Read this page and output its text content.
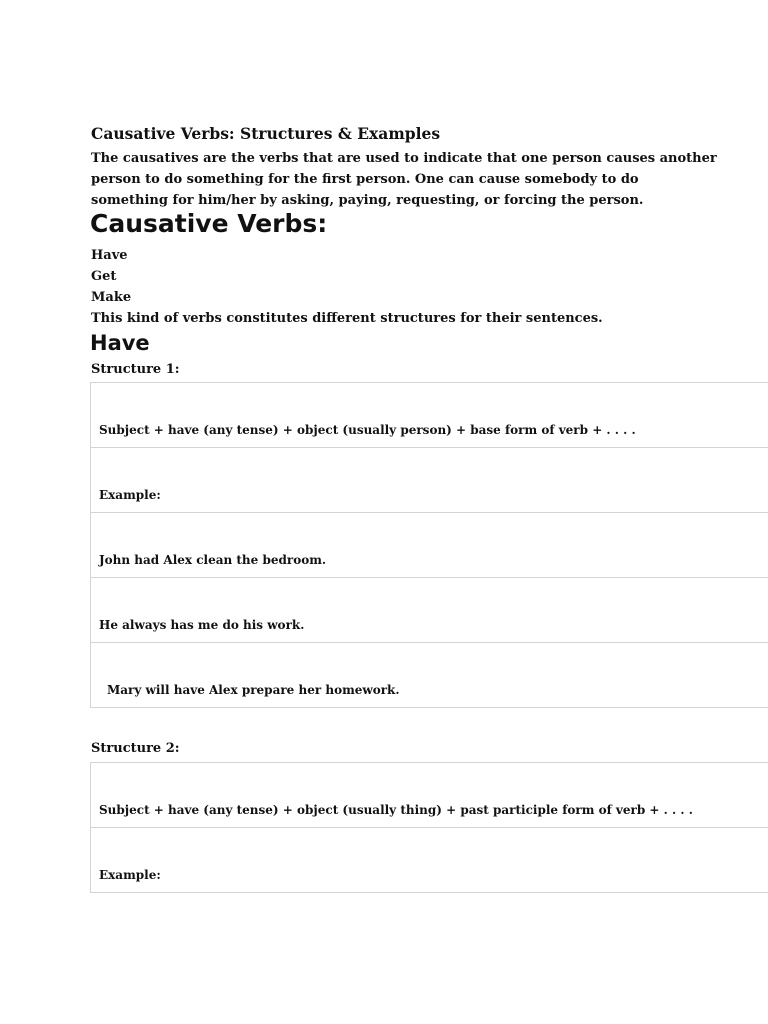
Causative Verbs: Structures & Examples
The causatives are the verbs that are used to indicate that one person causes another
person to do something for the first person. One can cause somebody to do
something for him/her by asking, paying, requesting, or forcing the person.
Causative Verbs:
Have
Get
Make
This kind of verbs constitutes different structures for their sentences.
Have
Structure 1:
Subject + have (any tense) + object (usually person) + base form of verb + . . . .
Example:
John had Alex clean the bedroom.
He always has me do his work.
Mary will have Alex prepare her homework.
Structure 2:
Subject + have (any tense) + object (usually thing) + past participle form of verb + . . . .
Example:
